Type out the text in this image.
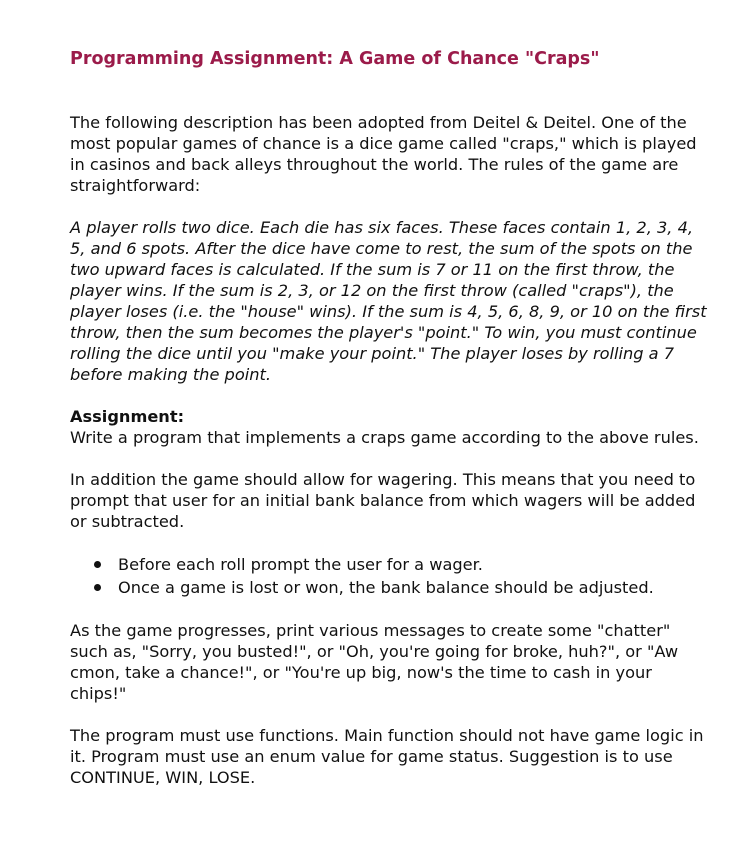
Programming Assignment: A Game of Chance "Craps"

The following description has been adopted from Deitel & Deitel. One of the most popular games of chance is a dice game called "craps," which is played in casinos and back alleys throughout the world. The rules of the game are straightforward:

A player rolls two dice. Each die has six faces. These faces contain 1, 2, 3, 4, 5, and 6 spots. After the dice have come to rest, the sum of the spots on the two upward faces is calculated. If the sum is 7 or 11 on the first throw, the player wins. If the sum is 2, 3, or 12 on the first throw (called "craps"), the player loses (i.e. the "house" wins). If the sum is 4, 5, 6, 8, 9, or 10 on the first throw, then the sum becomes the player's "point." To win, you must continue rolling the dice until you "make your point." The player loses by rolling a 7 before making the point.

Assignment:

Write a program that implements a craps game according to the above rules.

In addition the game should allow for wagering. This means that you need to prompt that user for an initial bank balance from which wagers will be added or subtracted.

Before each roll prompt the user for a wager.
Once a game is lost or won, the bank balance should be adjusted.

As the game progresses, print various messages to create some "chatter" such as, "Sorry, you busted!", or "Oh, you're going for broke, huh?", or "Aw cmon, take a chance!", or "You're up big, now's the time to cash in your chips!"

The program must use functions. Main function should not have game logic in it. Program must use an enum value for game status. Suggestion is to use CONTINUE, WIN, LOSE.
